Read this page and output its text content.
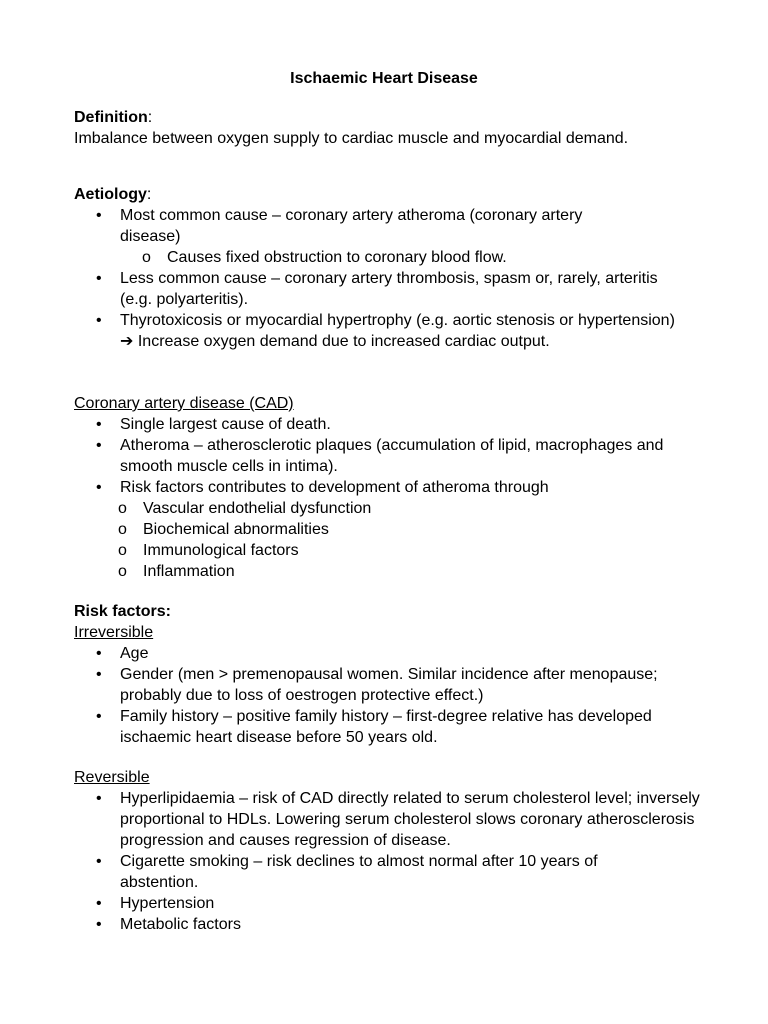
Ischaemic Heart Disease
Definition:
Imbalance between oxygen supply to cardiac muscle and myocardial demand.
Aetiology:
• Most common cause – coronary artery atheroma (coronary artery disease)
o Causes fixed obstruction to coronary blood flow.
• Less common cause – coronary artery thrombosis, spasm or, rarely, arteritis (e.g. polyarteritis).
• Thyrotoxicosis or myocardial hypertrophy (e.g. aortic stenosis or hypertension) ➔ Increase oxygen demand due to increased cardiac output.
Coronary artery disease (CAD)
• Single largest cause of death.
• Atheroma – atherosclerotic plaques (accumulation of lipid, macrophages and smooth muscle cells in intima).
• Risk factors contributes to development of atheroma through
o Vascular endothelial dysfunction
o Biochemical abnormalities
o Immunological factors
o Inflammation
Risk factors:
Irreversible
• Age
• Gender (men > premenopausal women. Similar incidence after menopause; probably due to loss of oestrogen protective effect.)
• Family history – positive family history – first-degree relative has developed ischaemic heart disease before 50 years old.
Reversible
• Hyperlipidaemia – risk of CAD directly related to serum cholesterol level; inversely proportional to HDLs. Lowering serum cholesterol slows coronary atherosclerosis progression and causes regression of disease.
• Cigarette smoking – risk declines to almost normal after 10 years of abstention.
• Hypertension
• Metabolic factors
